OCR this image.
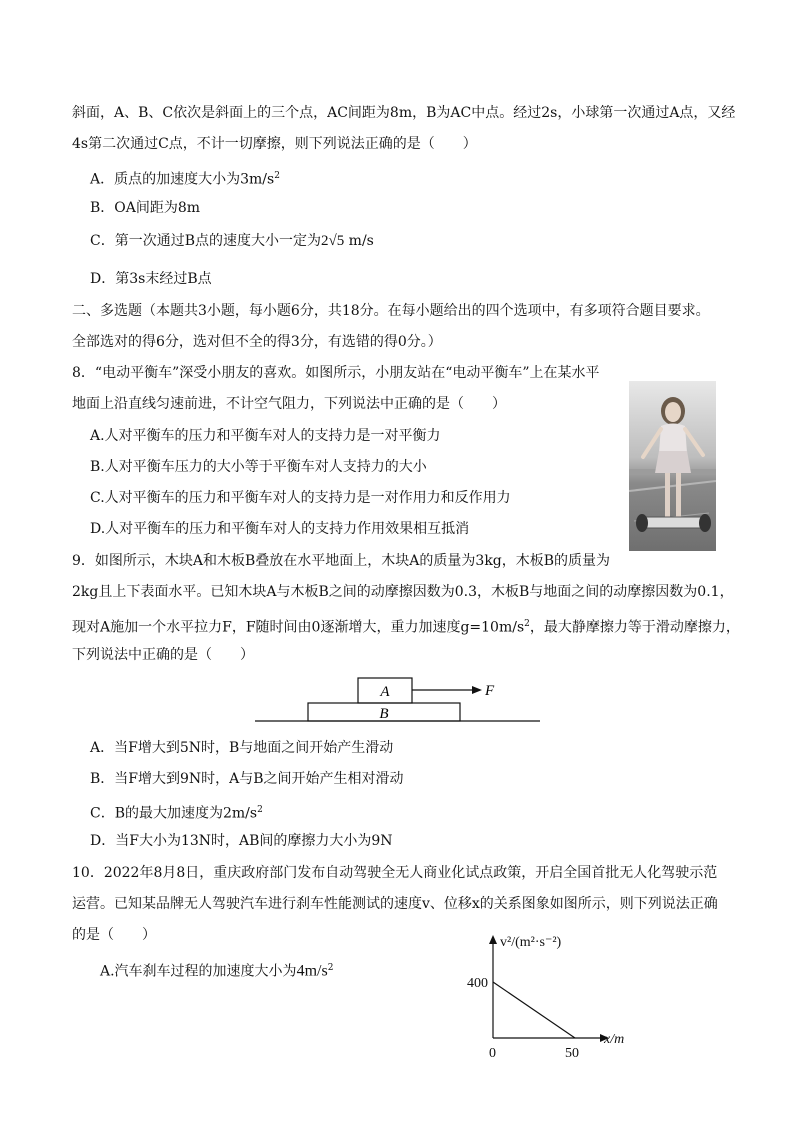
斜面，A、B、C依次是斜面上的三个点，AC间距为8m，B为AC中点。经过2s，小球第一次通过A点，又经
4s第二次通过C点，不计一切摩擦，则下列说法正确的是（　　）
A．质点的加速度大小为$3m/s^2$
B．OA间距为8m
C．第一次通过B点的速度大小一定为2√5 m/s
D．第3s末经过B点
二、多选题（本题共3小题，每小题6分，共18分。在每小题给出的四个选项中，有多项符合题目要求。
全部选对的得6分，选对但不全的得3分，有选错的得0分。）
8．“电动平衡车”深受小朋友的喜欢。如图所示，小朋友站在“电动平衡车”上在某水平
地面上沿直线匀速前进，不计空气阻力，下列说法中正确的是（　　）
A.人对平衡车的压力和平衡车对人的支持力是一对平衡力
B.人对平衡车压力的大小等于平衡车对人支持力的大小
C.人对平衡车的压力和平衡车对人的支持力是一对作用力和反作用力
D.人对平衡车的压力和平衡车对人的支持力作用效果相互抵消
9．如图所示，木块A和木板B叠放在水平地面上，木块A的质量为3kg，木板B的质量为
2kg且上下表面水平。已知木块A与木板B之间的动摩擦因数为0.3，木板B与地面之间的动摩擦因数为0.1，
现对A施加一个水平拉力F，F随时间由0逐渐增大，重力加速度$g=10m/s^2$，最大静摩擦力等于滑动摩擦力，
下列说法中正确的是（　　）
A
B
F
A．当F增大到5N时，B与地面之间开始产生滑动
B．当F增大到9N时，A与B之间开始产生相对滑动
C．B的最大加速度为$2m/s^2$
D．当F大小为13N时，AB间的摩擦力大小为9N
10．2022年8月8日，重庆政府部门发布自动驾驶全无人商业化试点政策，开启全国首批无人化驾驶示范
运营。已知某品牌无人驾驶汽车进行刹车性能测试的速度v、位移x的关系图象如图所示，则下列说法正确
的是（　　）
A.汽车刹车过程的加速度大小为$4m/s^2$
v²/(m²·s⁻²)
x/m
400
0	50
